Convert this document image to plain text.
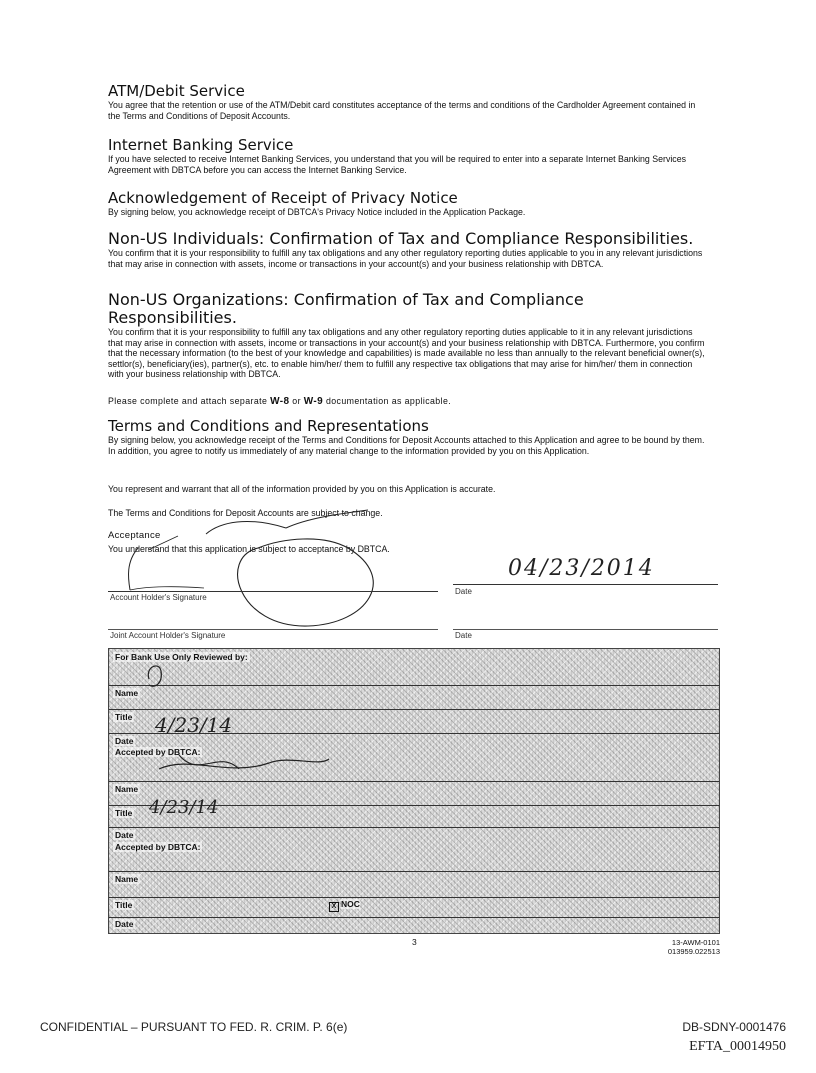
ATM/Debit Service

You agree that the retention or use of the ATM/Debit card constitutes acceptance of the terms and conditions of the Cardholder Agreement contained in the Terms and Conditions of Deposit Accounts.

Internet Banking Service

If you have selected to receive Internet Banking Services, you understand that you will be required to enter into a separate Internet Banking Services Agreement with DBTCA before you can access the Internet Banking Service.

Acknowledgement of Receipt of Privacy Notice

By signing below, you acknowledge receipt of DBTCA's Privacy Notice included in the Application Package.

Non-US Individuals: Confirmation of Tax and Compliance Responsibilities.

You confirm that it is your responsibility to fulfill any tax obligations and any other regulatory reporting duties applicable to you in any relevant jurisdictions that may arise in connection with assets, income or transactions in your account(s) and your business relationship with DBTCA.

Non-US Organizations: Confirmation of Tax and Compliance Responsibilities.

You confirm that it is your responsibility to fulfill any tax obligations and any other regulatory reporting duties applicable to it in any relevant jurisdictions that may arise in connection with assets, income or transactions in your account(s) and your business relationship with DBTCA. Furthermore, you confirm that the necessary information (to the best of your knowledge and capabilities) is made available no less than annually to the relevant beneficial owner(s), settlor(s), beneficiary(ies), partner(s), etc. to enable him/her/ them to fulfill any respective tax obligations that may arise for him/her/ them in connection with your business relationship with DBTCA.

Please complete and attach separate W-8 or W-9 documentation as applicable.
Terms and Conditions and Representations

By signing below, you acknowledge receipt of the Terms and Conditions for Deposit Accounts attached to this Application and agree to be bound by them. In addition, you agree to notify us immediately of any material change to the information provided by you on this Application.

You represent and warrant that all of the information provided by you on this Application is accurate.

The Terms and Conditions for Deposit Accounts are subject to change.

Acceptance

You understand that this application is subject to acceptance by DBTCA.

Account Holder's Signature
Date
04/23/2014
Joint Account Holder's Signature	Date
For Bank Use Only Reviewed by:
Name
Title
Date
4/23/14
Accepted by DBTCA:
Name
Title 4/23/14
Date
Accepted by DBTCA:
Name
Title	X NOC
Date
3	13-AWM-0101
013959.022513
CONFIDENTIAL – PURSUANT TO FED. R. CRIM. P. 6(e)	DB-SDNY-0001476
EFTA_00014950
